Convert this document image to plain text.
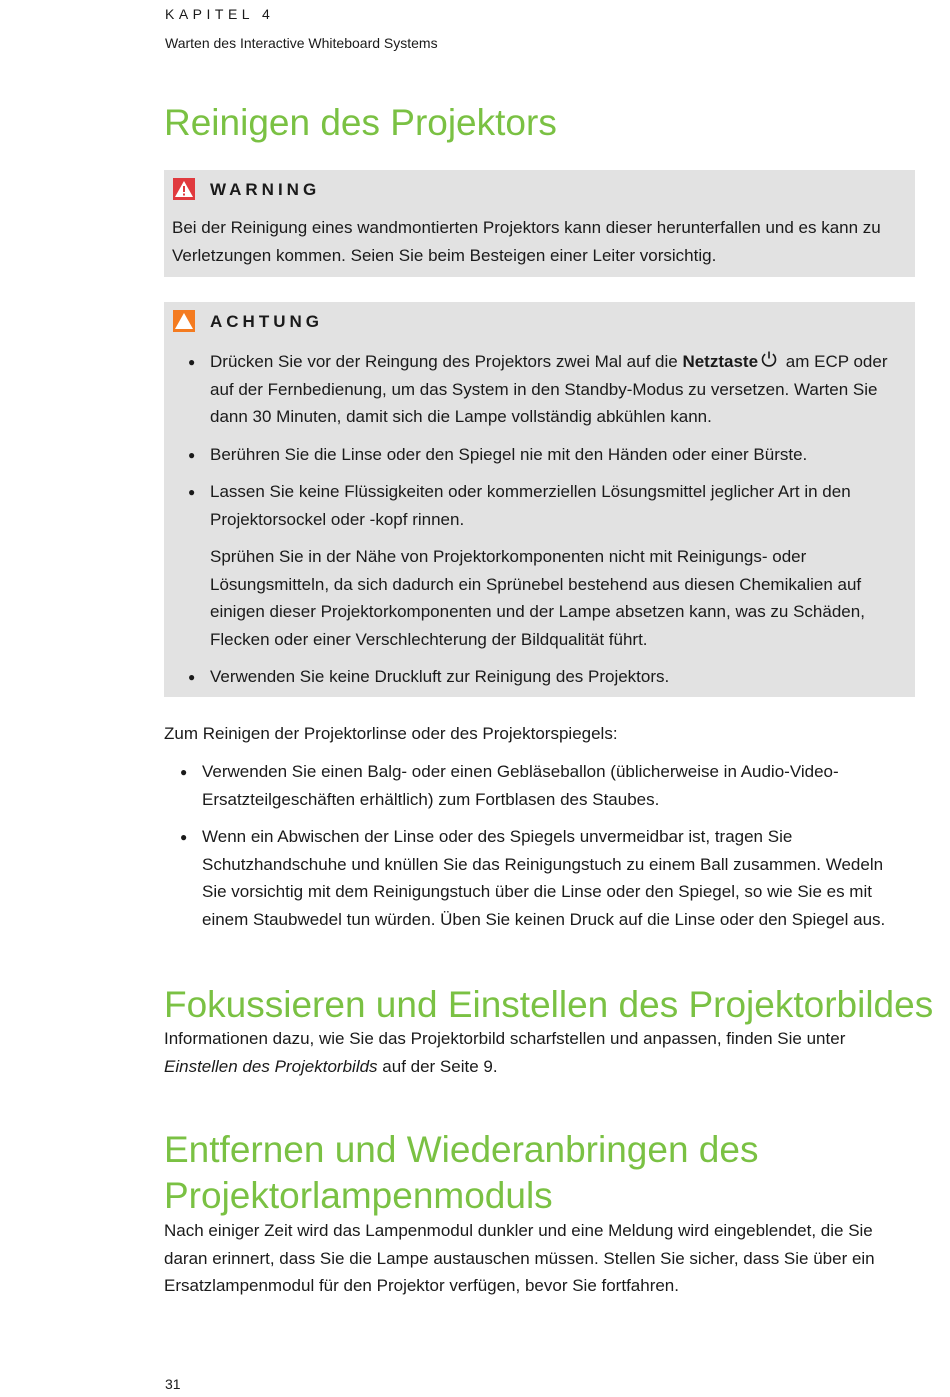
KAPITEL 4
Warten des Interactive Whiteboard Systems
Reinigen des Projektors
WARNING
Bei der Reinigung eines wandmontierten Projektors kann dieser herunterfallen und es kann zu Verletzungen kommen. Seien Sie beim Besteigen einer Leiter vorsichtig.
ACHTUNG
● Drücken Sie vor der Reingung des Projektors zwei Mal auf die Netztaste am ECP oder auf der Fernbedienung, um das System in den Standby-Modus zu versetzen. Warten Sie dann 30 Minuten, damit sich die Lampe vollständig abkühlen kann.
● Berühren Sie die Linse oder den Spiegel nie mit den Händen oder einer Bürste.
● Lassen Sie keine Flüssigkeiten oder kommerziellen Lösungsmittel jeglicher Art in den Projektorsockel oder -kopf rinnen.
Sprühen Sie in der Nähe von Projektorkomponenten nicht mit Reinigungs- oder Lösungsmitteln, da sich dadurch ein Sprünebel bestehend aus diesen Chemikalien auf einigen dieser Projektorkomponenten und der Lampe absetzen kann, was zu Schäden, Flecken oder einer Verschlechterung der Bildqualität führt.
● Verwenden Sie keine Druckluft zur Reinigung des Projektors.
Zum Reinigen der Projektorlinse oder des Projektorspiegels:
● Verwenden Sie einen Balg- oder einen Gebläseballon (üblicherweise in Audio-Video-Ersatzteilgeschäften erhältlich) zum Fortblasen des Staubes.
● Wenn ein Abwischen der Linse oder des Spiegels unvermeidbar ist, tragen Sie Schutzhandschuhe und knüllen Sie das Reinigungstuch zu einem Ball zusammen. Wedeln Sie vorsichtig mit dem Reinigungstuch über die Linse oder den Spiegel, so wie Sie es mit einem Staubwedel tun würden. Üben Sie keinen Druck auf die Linse oder den Spiegel aus.
Fokussieren und Einstellen des Projektorbildes
Informationen dazu, wie Sie das Projektorbild scharfstellen und anpassen, finden Sie unter Einstellen des Projektorbilds auf der Seite 9.
Entfernen und Wiederanbringen des Projektorlampenmoduls
Nach einiger Zeit wird das Lampenmodul dunkler und eine Meldung wird eingeblendet, die Sie daran erinnert, dass Sie die Lampe austauschen müssen. Stellen Sie sicher, dass Sie über ein Ersatzlampenmodul für den Projektor verfügen, bevor Sie fortfahren.
31
